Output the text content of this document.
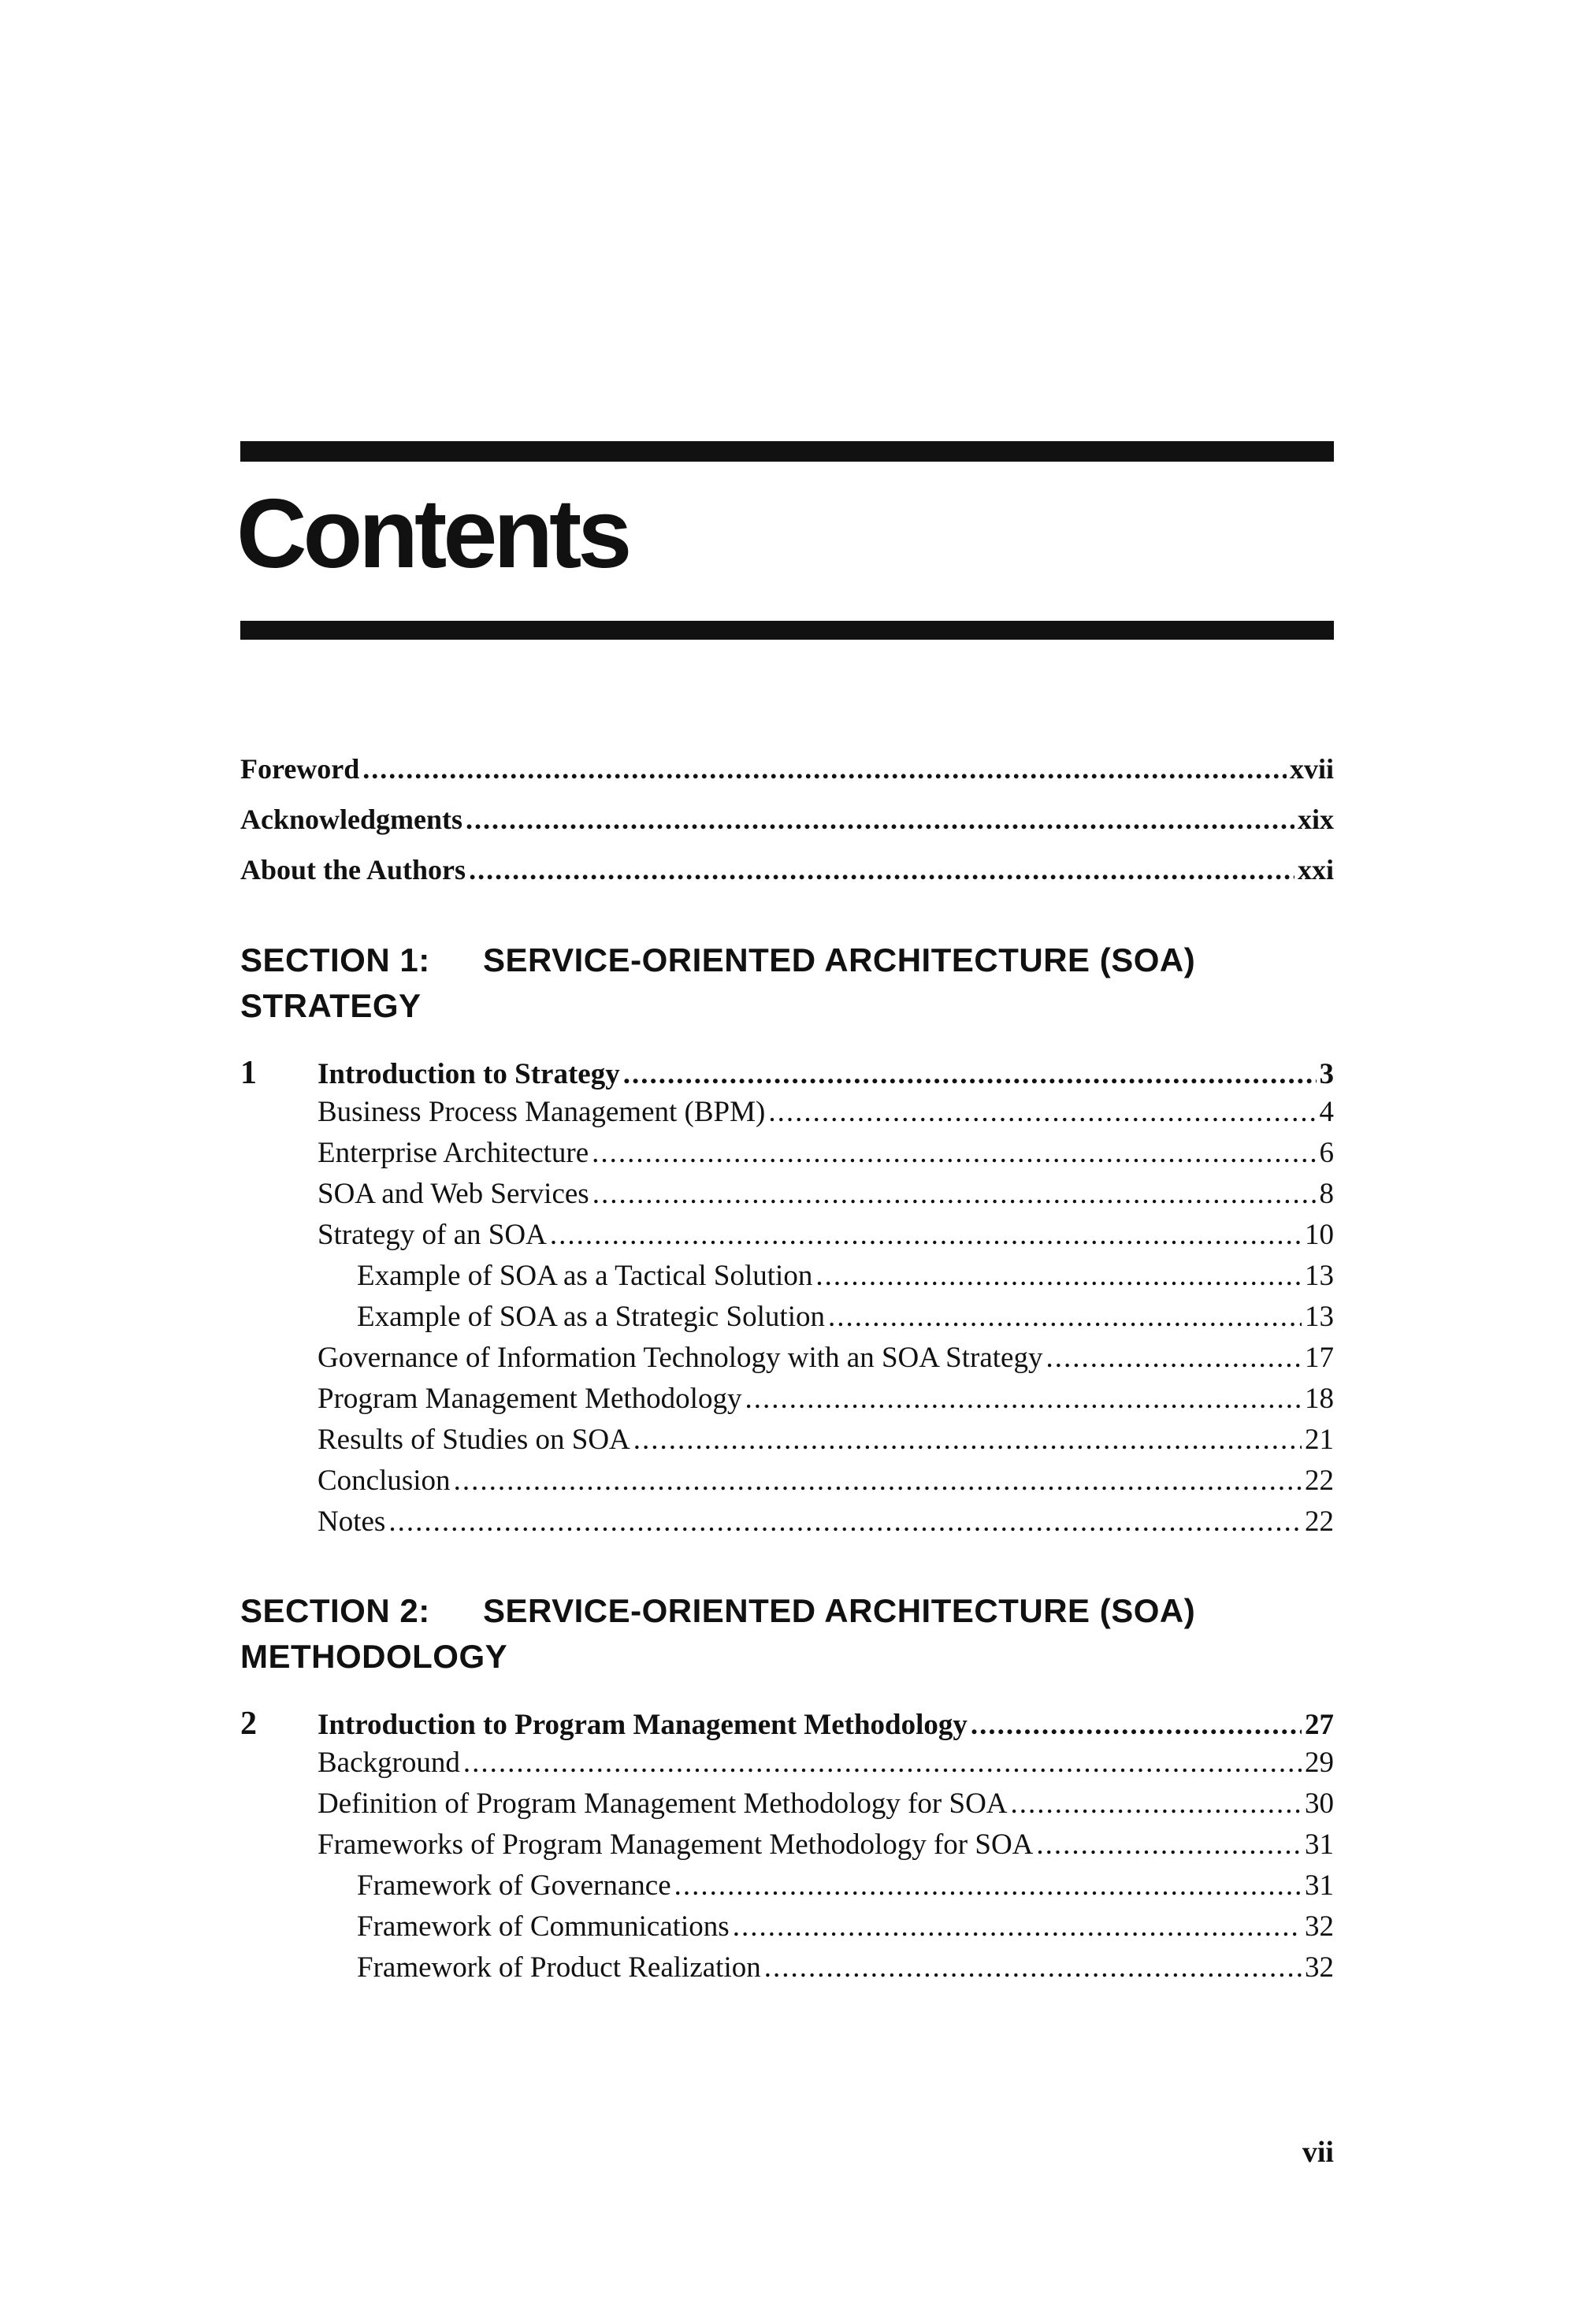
Contents
Foreword .....	xvii
Acknowledgments .....	xix
About the Authors .....	xxi
SECTION 1: SERVICE-ORIENTED ARCHITECTURE (SOA)
STRATEGY
1	Introduction to Strategy .....	3
Business Process Management (BPM) .....	4
Enterprise Architecture .....	6
SOA and Web Services .....	8
Strategy of an SOA .....	10
Example of SOA as a Tactical Solution .....	13
Example of SOA as a Strategic Solution .....	13
Governance of Information Technology with an SOA Strategy .....	17
Program Management Methodology .....	18
Results of Studies on SOA .....	21
Conclusion .....	22
Notes .....	22
SECTION 2: SERVICE-ORIENTED ARCHITECTURE (SOA)
METHODOLOGY
2	Introduction to Program Management Methodology .....	27
Background .....	29
Definition of Program Management Methodology for SOA .....	30
Frameworks of Program Management Methodology for SOA .....	31
Framework of Governance .....	31
Framework of Communications .....	32
Framework of Product Realization .....	32
vii
